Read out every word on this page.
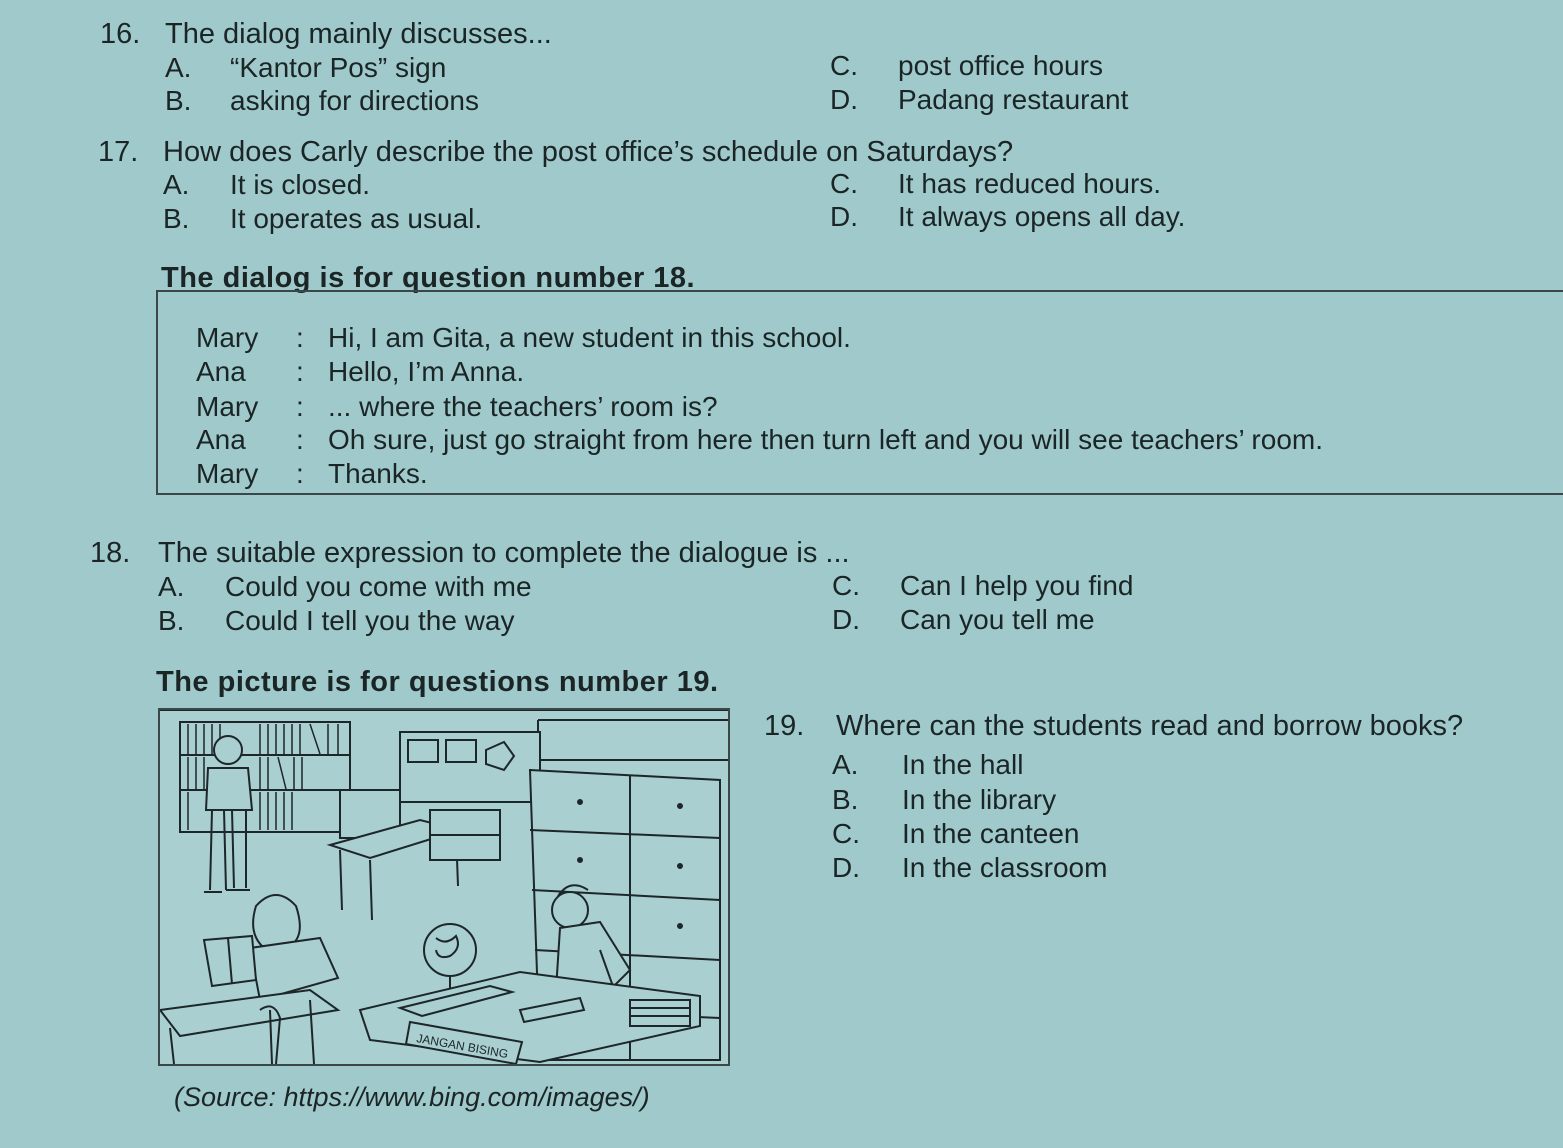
16. The dialog mainly discusses...
A. “Kantor Pos” sign
B. asking for directions
C. post office hours
D. Padang restaurant
17. How does Carly describe the post office’s schedule on Saturdays?
A. It is closed.
B. It operates as usual.
C. It has reduced hours.
D. It always opens all day.
The dialog is for question number 18.
Mary : Hi, I am Gita, a new student in this school.
Ana : Hello, I’m Anna.
Mary : ... where the teachers’ room is?
Ana : Oh sure, just go straight from here then turn left and you will see teachers’ room.
Mary : Thanks.
18. The suitable expression to complete the dialogue is ...
A. Could you come with me
B. Could I tell you the way
C. Can I help you find
D. Can you tell me
The picture is for questions number 19.
JANGAN BISING
19. Where can the students read and borrow books?
A. In the hall
B. In the library
C. In the canteen
D. In the classroom
(Source: https://www.bing.com/images/)
